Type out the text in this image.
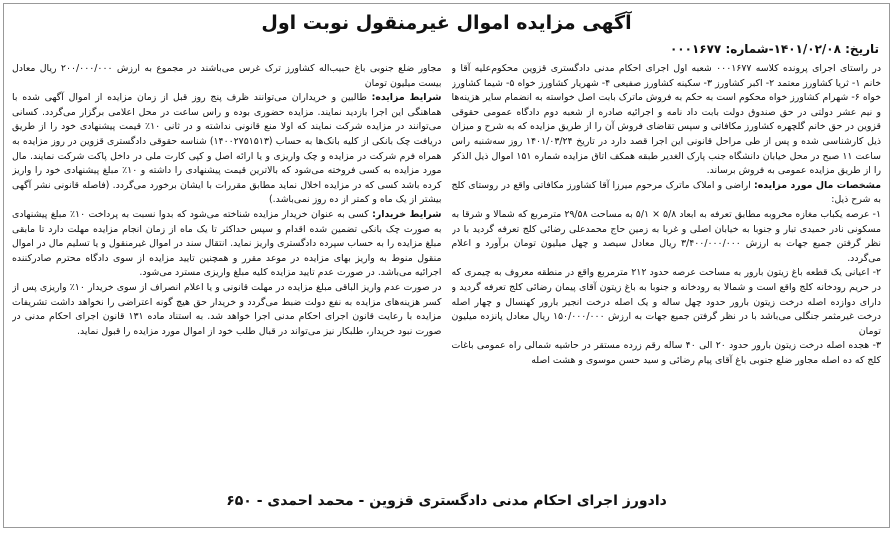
آگهی مزایده اموال غیرمنقول نوبت اول
تاریخ: ۱۴۰۱/۰۲/۰۸-شماره: ۰۰۰۱۶۷۷

در راستای اجرای پرونده کلاسه ۰۰۰۱۶۷۷ شعبه اول اجرای احکام مدنی دادگستری قزوین محکوم‌علیه آقا و خانم ۱- ثریا کشاورز معتمد ۲- اکبر کشاورز ۳- سکینه کشاورز صفیعی ۴- شهریار کشاورز خواه ۵- شیما کشاورز خواه ۶- شهرام کشاورز خواه محکوم است به حکم به فروش ماترک بابت اصل خواسته به انضمام سایر هزینه‌ها و نیم عشر دولتی در حق صندوق دولت بابت داد نامه و اجرائیه صادره از شعبه دوم دادگاه عمومی حقوقی قزوین در حق خانم گلچهره کشاورز مکافاتی و سپس تقاضای فروش آن را از طریق مزایده که به شرح و میزان ذیل کارشناسی شده و پس از طی مراحل قانونی این اجرا قصد دارد در تاریخ ۱۴۰۱/۰۳/۲۴ روز سه‌شنبه راس ساعت ۱۱ صبح در محل خیابان دانشگاه جنب پارک الغدیر طبقه همکف اتاق مزایده شماره ۱۵۱ اموال ذیل الذکر را از طریق مزایده عمومی به فروش برساند.

مشخصات مال مورد مزایده: اراضی و املاک ماترک مرحوم میرزا آقا کشاورز مکافاتی واقع در روستای کلج به شرح ذیل:

۱- عرصه یکباب مغازه مخروبه مطابق تعرفه به ابعاد ۵/۸ × ۵/۱ به مساحت ۲۹/۵۸ مترمربع که شمالا و شرقا به مسکونی نادر حمیدی تبار و جنوبا به خیابان اصلی و غربا به زمین حاج محمدعلی رضائی کلج تعرفه گردید با در نظر گرفتن جمیع جهات به ارزش ۳/۴۰۰/۰۰۰/۰۰۰ ریال معادل سیصد و چهل میلیون تومان برآورد و اعلام می‌گردد.

۲- اعیانی یک قطعه باغ زیتون بارور به مساحت عرصه حدود ۲۱۲ مترمربع واقع در منطقه معروف به چیمری که در حریم رودخانه کلج واقع است و شمالا به رودخانه و جنوبا به باغ زیتون آقای پیمان رضائی کلج تعرفه گردید و دارای دوازده اصله درخت زیتون بارور حدود چهل ساله و یک اصله درخت انجیر بارور کهنسال و چهار اصله درخت غیرمثمر جنگلی می‌باشد با در نظر گرفتن جمیع جهات به ارزش ۱۵۰/۰۰۰/۰۰۰ ریال معادل پانزده میلیون تومان

۳- هجده اصله درخت زیتون بارور حدود ۲۰ الی ۴۰ ساله رقم زرده مستقر در حاشیه شمالی راه عمومی باغات کلج که ده اصله مجاور ضلع جنوبی باغ آقای پیام رضائی و سید حسن موسوی و هشت اصله

مجاور ضلع جنوبی باغ حبیب‌اله کشاورز ترک غرس می‌باشند در مجموع به ارزش ۲۰۰/۰۰۰/۰۰۰ ریال معادل بیست میلیون تومان

شرایط مزایده: طالبین و خریداران می‌توانند ظرف پنج روز قبل از زمان مزایده از اموال آگهی شده با هماهنگی این اجرا بازدید نمایند. مزایده حضوری بوده و راس ساعت در محل اعلامی برگزار می‌گردد. کسانی می‌توانند در مزایده شرکت نمایند که اولا منع قانونی نداشته و در ثانی ۱۰٪ قیمت پیشنهادی خود را از طریق دریافت چک بانکی از کلیه بانک‌ها به حساب (۱۴۰۰۲۷۵۱۵۱۳) شناسه حقوقی دادگستری قزوین در روز مزایده به همراه فرم شرکت در مزایده و چک واریزی و یا ارائه اصل و کپی کارت ملی در داخل پاکت شرکت نمایند. مال مورد مزایده به کسی فروخته می‌شود که بالاترین قیمت پیشنهادی را داشته و ۱۰٪ مبلغ پیشنهادی خود را واریز کرده باشد کسی که در مزایده اخلال نماید مطابق مقررات با ایشان برخورد می‌گردد. (فاصله قانونی نشر آگهی بیشتر از یک ماه و کمتر از ده روز نمی‌باشد.)

شرایط خریدار: کسی به عنوان خریدار مزایده شناخته می‌شود که بدوا نسبت به پرداخت ۱۰٪ مبلغ پیشنهادی به صورت چک بانکی تضمین شده اقدام و سپس حداکثر تا یک ماه از زمان انجام مزایده مهلت دارد تا مابقی مبلغ مزایده را به حساب سپرده دادگستری واریز نماید. انتقال سند در اموال غیرمنقول و یا تسلیم مال در اموال منقول منوط به واریز بهای مزایده در موعد مقرر و همچنین تایید مزایده از سوی دادگاه محترم صادرکننده اجرائیه می‌باشد. در صورت عدم تایید مزایده کلیه مبلغ واریزی مسترد می‌شود.

در صورت عدم واریز الباقی مبلغ مزایده در مهلت قانونی و یا اعلام انصراف از سوی خریدار ۱۰٪ واریزی پس از کسر هزینه‌های مزایده به نفع دولت ضبط می‌گردد و خریدار حق هیچ گونه اعتراضی را نخواهد داشت تشریفات مزایده با رعایت قانون اجرای احکام مدنی اجرا خواهد شد. به استناد ماده ۱۳۱ قانون اجرای احکام مدنی در صورت نبود خریدار، طلبکار نیز می‌تواند در قبال طلب خود از اموال مورد مزایده را قبول نماید.

دادورز اجرای احکام مدنی دادگستری قزوین - محمد احمدی - ۶۵۰
